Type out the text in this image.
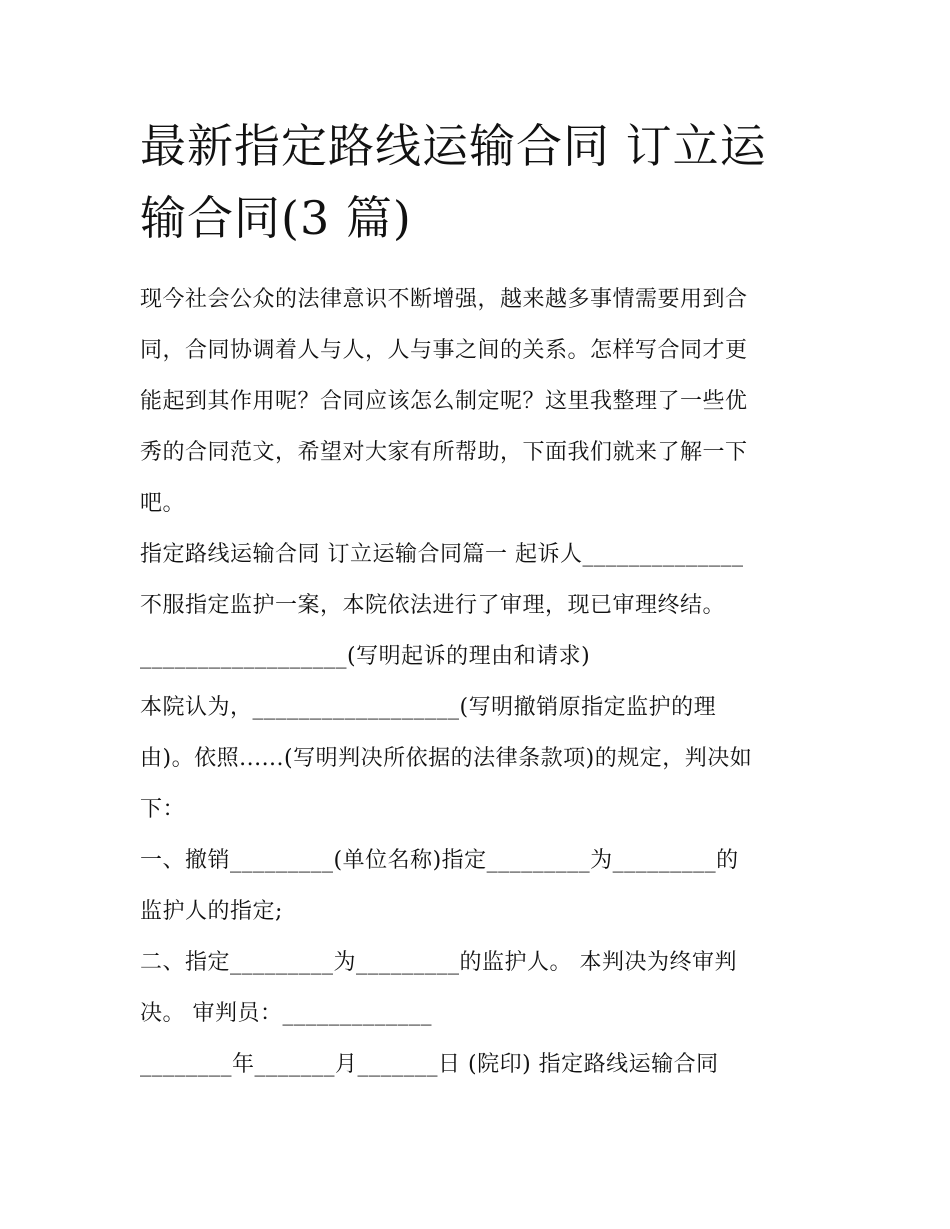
最新指定路线运输合同 订立运
输合同(3 篇)
现今社会公众的法律意识不断增强，越来越多事情需要用到合
同，合同协调着人与人，人与事之间的关系。怎样写合同才更
能起到其作用呢？合同应该怎么制定呢？这里我整理了一些优
秀的合同范文，希望对大家有所帮助，下面我们就来了解一下
吧。
指定路线运输合同 订立运输合同篇一 起诉人______________
不服指定监护一案，本院依法进行了审理，现已审理终结。
__________________(写明起诉的理由和请求)
本院认为，__________________(写明撤销原指定监护的理
由)。依照......(写明判决所依据的法律条款项)的规定，判决如
下：
一、撤销_________(单位名称)指定_________为_________的
监护人的指定;
二、指定_________为_________的监护人。 本判决为终审判
决。 审判员：_____________
________年_______月_______日 (院印) 指定路线运输合同
